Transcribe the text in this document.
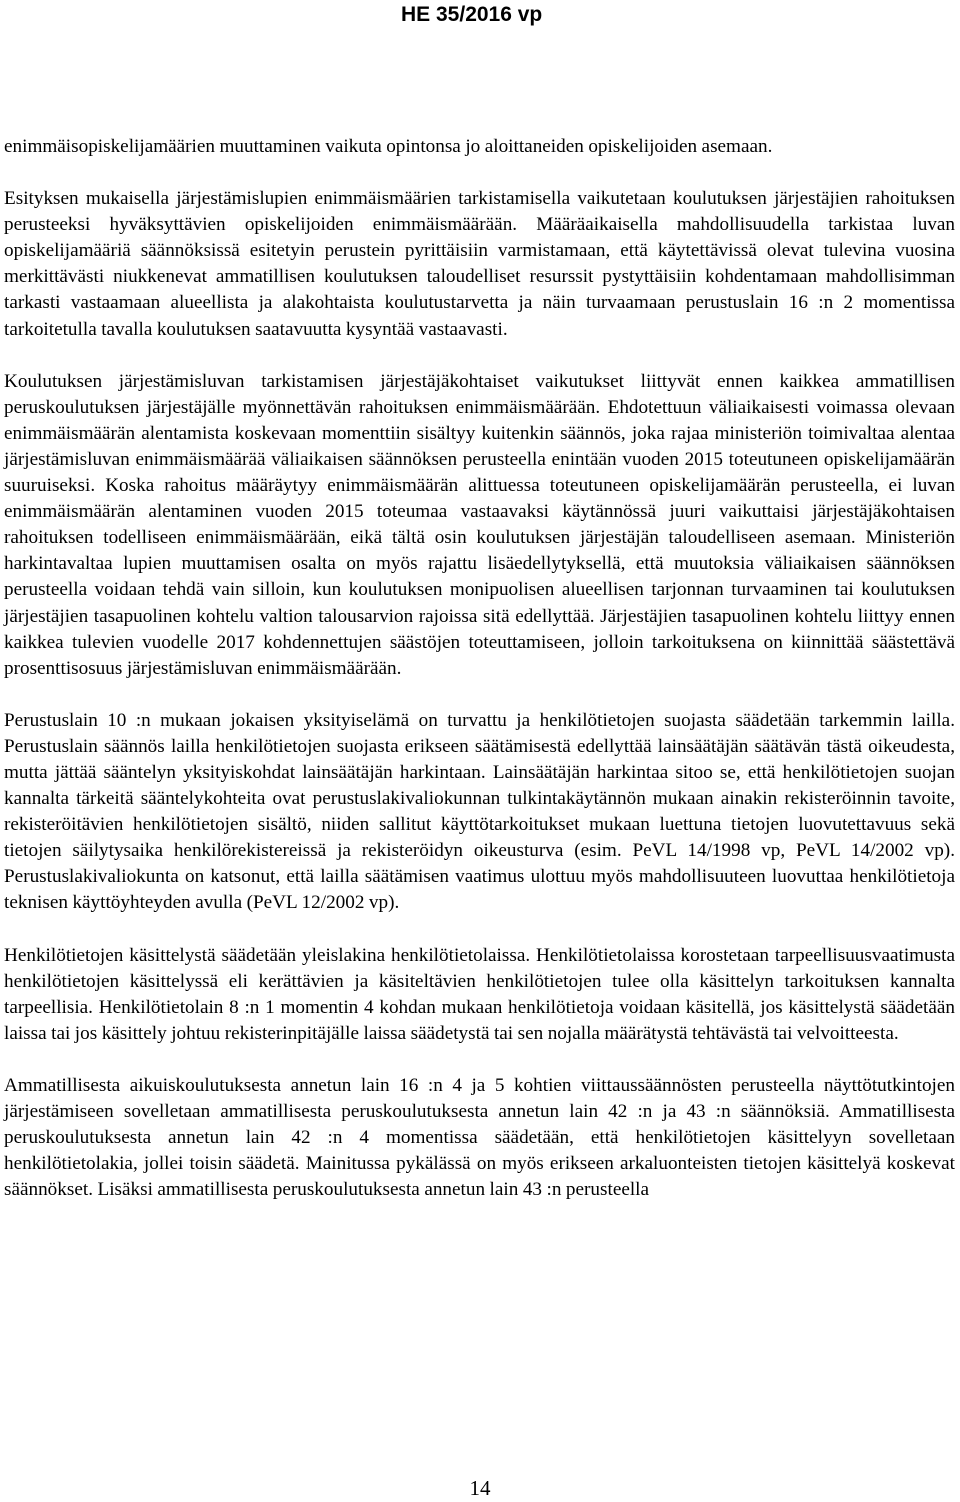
HE 35/2016 vp

enimmäisopiskelijamäärien muuttaminen vaikuta opintonsa jo aloittaneiden opiskelijoiden asemaan.

Esityksen mukaisella järjestämislupien enimmäismäärien tarkistamisella vaikutetaan koulutuksen järjestäjien rahoituksen perusteeksi hyväksyttävien opiskelijoiden enimmäismäärään. Määräaikaisella mahdollisuudella tarkistaa luvan opiskelijamääriä säännöksissä esitetyin perustein pyrittäisiin varmistamaan, että käytettävissä olevat tulevina vuosina merkittävästi niukkenevat ammatillisen koulutuksen taloudelliset resurssit pystyttäisiin kohdentamaan mahdollisimman tarkasti vastaamaan alueellista ja alakohtaista koulutustarvetta ja näin turvaamaan perustuslain 16 :n 2 momentissa tarkoitetulla tavalla koulutuksen saatavuutta kysyntää vastaavasti.

Koulutuksen järjestämisluvan tarkistamisen järjestäjäkohtaiset vaikutukset liittyvät ennen kaikkea ammatillisen peruskoulutuksen järjestäjälle myönnettävän rahoituksen enimmäismäärään. Ehdotettuun väliaikaisesti voimassa olevaan enimmäismäärän alentamista koskevaan momenttiin sisältyy kuitenkin säännös, joka rajaa ministeriön toimivaltaa alentaa järjestämisluvan enimmäismäärää väliaikaisen säännöksen perusteella enintään vuoden 2015 toteutuneen opiskelijamäärän suuruiseksi. Koska rahoitus määräytyy enimmäismäärän alittuessa toteutuneen opiskelijamäärän perusteella, ei luvan enimmäismäärän alentaminen vuoden 2015 toteumaa vastaavaksi käytännössä juuri vaikuttaisi järjestäjäkohtaisen rahoituksen todelliseen enimmäismäärään, eikä tältä osin koulutuksen järjestäjän taloudelliseen asemaan. Ministeriön harkintavaltaa lupien muuttamisen osalta on myös rajattu lisäedellytyksellä, että muutoksia väliaikaisen säännöksen perusteella voidaan tehdä vain silloin, kun koulutuksen monipuolisen alueellisen tarjonnan turvaaminen tai koulutuksen järjestäjien tasapuolinen kohtelu valtion talousarvion rajoissa sitä edellyttää. Järjestäjien tasapuolinen kohtelu liittyy ennen kaikkea tulevien vuodelle 2017 kohdennettujen säästöjen toteuttamiseen, jolloin tarkoituksena on kiinnittää säästettävä prosenttisosuus järjestämisluvan enimmäismäärään.

Perustuslain 10 :n mukaan jokaisen yksityiselämä on turvattu ja henkilötietojen suojasta säädetään tarkemmin lailla. Perustuslain säännös lailla henkilötietojen suojasta erikseen säätämisestä edellyttää lainsäätäjän säätävän tästä oikeudesta, mutta jättää sääntelyn yksityiskohdat lainsäätäjän harkintaan. Lainsäätäjän harkintaa sitoo se, että henkilötietojen suojan kannalta tärkeitä sääntelykohteita ovat perustuslakivaliokunnan tulkintakäytännön mukaan ainakin rekisteröinnin tavoite, rekisteröitävien henkilötietojen sisältö, niiden sallitut käyttötarkoitukset mukaan luettuna tietojen luovutettavuus sekä tietojen säilytysaika henkilörekistereissä ja rekisteröidyn oikeusturva (esim. PeVL 14/1998 vp, PeVL 14/2002 vp). Perustuslakivaliokunta on katsonut, että lailla säätämisen vaatimus ulottuu myös mahdollisuuteen luovuttaa henkilötietoja teknisen käyttöyhteyden avulla (PeVL 12/2002 vp).

Henkilötietojen käsittelystä säädetään yleislakina henkilötietolaissa. Henkilötietolaissa korostetaan tarpeellisuusvaatimusta henkilötietojen käsittelyssä eli kerättävien ja käsiteltävien henkilötietojen tulee olla käsittelyn tarkoituksen kannalta tarpeellisia. Henkilötietolain 8 :n 1 momentin 4 kohdan mukaan henkilötietoja voidaan käsitellä, jos käsittelystä säädetään laissa tai jos käsittely johtuu rekisterinpitäjälle laissa säädetystä tai sen nojalla määrätystä tehtävästä tai velvoitteesta.

Ammatillisesta aikuiskoulutuksesta annetun lain 16 :n 4 ja 5 kohtien viittaussäännösten perusteella näyttötutkintojen järjestämiseen sovelletaan ammatillisesta peruskoulutuksesta annetun lain 42 :n ja 43 :n säännöksiä. Ammatillisesta peruskoulutuksesta annetun lain 42 :n 4 momentissa säädetään, että henkilötietojen käsittelyyn sovelletaan henkilötietolakia, jollei toisin säädetä. Mainitussa pykälässä on myös erikseen arkaluonteisten tietojen käsittelyä koskevat säännökset. Lisäksi ammatillisesta peruskoulutuksesta annetun lain 43 :n perusteella

14
